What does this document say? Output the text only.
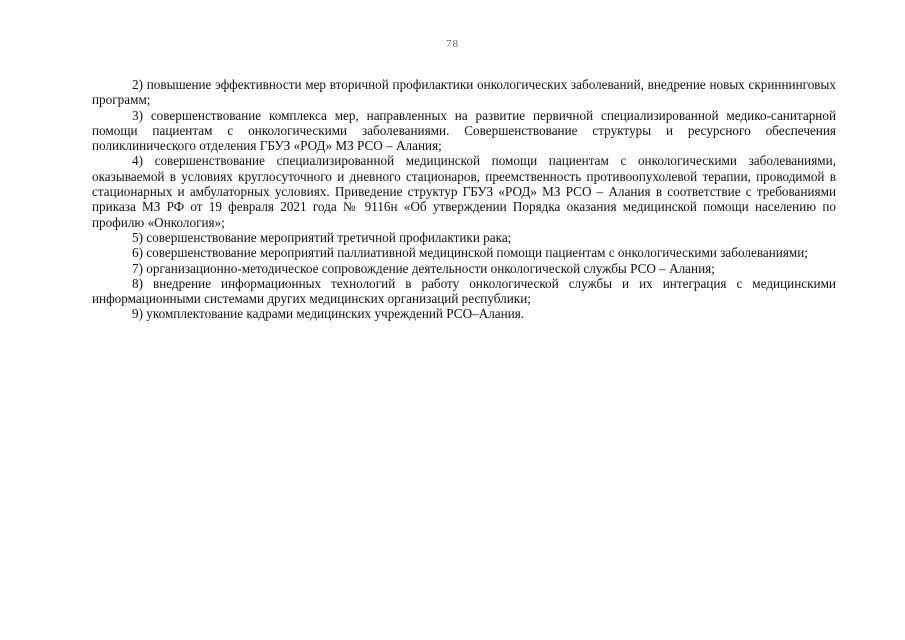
78

2) повышение эффективности мер вторичной профилактики онкологических заболеваний, внедрение новых скриннинговых программ;

3) совершенствование комплекса мер, направленных на развитие первичной специализированной медико-санитарной помощи пациентам с онкологическими заболеваниями. Совершенствование структуры и ресурсного обеспечения поликлинического отделения ГБУЗ «РОД» МЗ РСО – Алания;

4) совершенствование специализированной медицинской помощи пациентам с онкологическими заболеваниями, оказываемой в условиях круглосуточного и дневного стационаров, преемственность противоопухолевой терапии, проводимой в стационарных и амбулаторных условиях. Приведение структур ГБУЗ «РОД» МЗ РСО – Алания в соответствие с требованиями приказа МЗ РФ от 19 февраля 2021 года № 9116н «Об утверждении Порядка оказания медицинской помощи населению по профилю «Онкология»;

5) совершенствование мероприятий третичной профилактики рака;

6) совершенствование мероприятий паллиативной медицинской помощи пациентам с онкологическими заболеваниями;

7) организационно-методическое сопровождение деятельности онкологической службы РСО – Алания;

8) внедрение информационных технологий в работу онкологической службы и их интеграция с медицинскими информационными системами других медицинских организаций республики;

9) укомплектование кадрами медицинских учреждений РСО–Алания.
